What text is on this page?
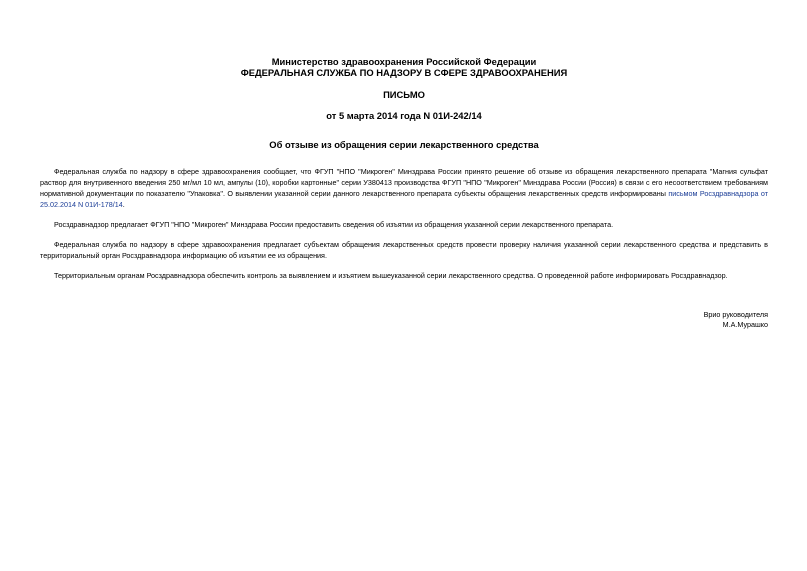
Министерство здравоохранения Российской Федерации
ФЕДЕРАЛЬНАЯ СЛУЖБА ПО НАДЗОРУ В СФЕРЕ ЗДРАВООХРАНЕНИЯ
ПИСЬМО
от 5 марта 2014 года N 01И-242/14
Об отзыве из обращения серии лекарственного средства

Федеральная служба по надзору в сфере здравоохранения сообщает, что ФГУП "НПО "Микроген" Минздрава России принято решение об отзыве из обращения лекарственного препарата "Магния сульфат раствор для внутривенного введения 250 мг/мл 10 мл, ампулы (10), коробки картонные" серии У380413 производства ФГУП "НПО "Микроген" Минздрава России (Россия) в связи с его несоответствием требованиям нормативной документации по показателю "Упаковка". О выявлении указанной серии данного лекарственного препарата субъекты обращения лекарственных средств информированы письмом Росздравнадзора от 25.02.2014 N 01И-178/14.

Росздравнадзор предлагает ФГУП "НПО "Микроген" Минздрава России предоставить сведения об изъятии из обращения указанной серии лекарственного препарата.

Федеральная служба по надзору в сфере здравоохранения предлагает субъектам обращения лекарственных средств провести проверку наличия указанной серии лекарственного средства и представить в территориальный орган Росздравнадзора информацию об изъятии ее из обращения.

Территориальным органам Росздравнадзора обеспечить контроль за выявлением и изъятием вышеуказанной серии лекарственного средства. О проведенной работе информировать Росздравнадзор.

Врио руководителя
М.А.Мурашко
